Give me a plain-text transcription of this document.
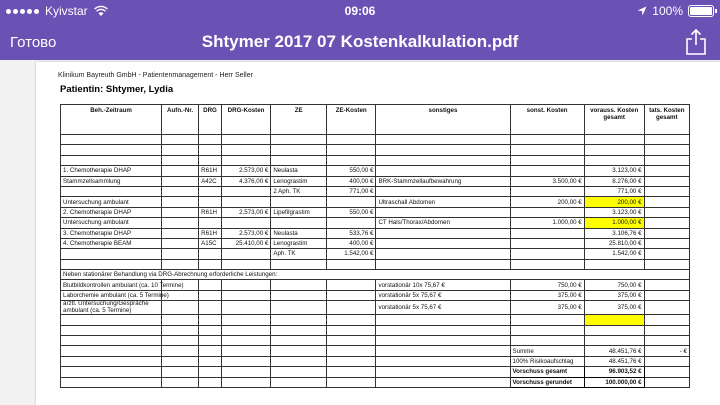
Kyivstar	09:06	100%
Готово	Shtymer 2017 07 Kostenkalkulation.pdf
Klinikum Bayreuth GmbH - Patientenmanagement - Herr Seller
Patientin: Shtymer, Lydia
Beh.-Zeitraum	Aufn.-Nr.	DRG	DRG-Kosten	ZE	ZE-Kosten	sonstiges	sonst. Kosten	vorauss. Kosten gesamt	tats. Kosten gesamt

1. Chemotherapie DHAP		R61H	2.573,00 €	Neulasta	550,00 €			3.123,00 €	
Stammzellsammlung		A42C	4.376,00 €	Lenograstim	400,00 €	BRK-Stammzellaufbewahrung	3.500,00 €	8.276,00 €	
				2 Aph. TK	771,00 €			771,00 €	
Untersuchung ambulant						Ultraschall Abdomen	200,00 €	200,00 €	
2. Chemotherapie DHAP		R61H	2.573,00 €	Lipefilgrastim	550,00 €			3.123,00 €	
Untersuchung ambulant						CT Hals/Thorax/Abdomen	1.000,00 €	1.000,00 €	
3. Chemotherapie DHAP		R61H	2.573,00 €	Neulasta	533,76 €			3.106,76 €	
4. Chemotherapie BEAM		A15C	25.410,00 €	Lenograstim	400,00 €			25.810,00 €	
				Aph. TK	1.542,00 €			1.542,00 €	

Neben stationärer Behandlung via DRG-Abrechnung erforderliche Leistungen:									
Blutbildkontrollen ambulant (ca. 10 Termine)						vorstationär 10x 75,67 €	750,00 €	750,00 €	
Laborchemie ambulant (ca. 5 Termine)						vorstationär 5x 75,67 €	375,00 €	375,00 €	
ärztl. Untersuchung/Gespräche ambulant (ca. 5 Termine)						vorstationär 5x 75,67 €	375,00 €	375,00 €	

							Summe	48.451,76 €	- €
							100% Risikoaufschlag	48.451,76 €	
							Vorschuss gesamt	96.903,52 €	
							Vorschuss gerundet	100.000,00 €	
